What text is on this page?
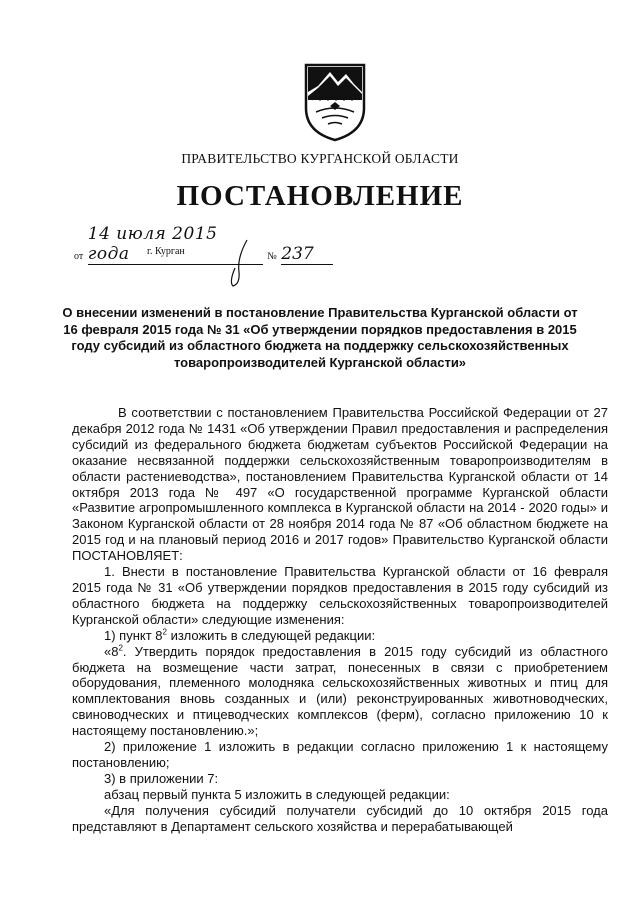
ПРАВИТЕЛЬСТВО КУРГАНСКОЙ ОБЛАСТИ
ПОСТАНОВЛЕНИЕ
от 14 июля 2015 года	№ 237
г. Курган
О внесении изменений в постановление Правительства Курганской области от 16 февраля 2015 года № 31 «Об утверждении порядков предоставления в 2015 году субсидий из областного бюджета на поддержку сельскохозяйственных товаропроизводителей Курганской области»

В соответствии с постановлением Правительства Российской Федерации от 27 декабря 2012 года № 1431 «Об утверждении Правил предоставления и распределения субсидий из федерального бюджета бюджетам субъектов Российской Федерации на оказание несвязанной поддержки сельскохозяйственным товаропроизводителям в области растениеводства», постановлением Правительства Курганской области от 14 октября 2013 года № 497 «О государственной программе Курганской области «Развитие агропромышленного комплекса в Курганской области на 2014 - 2020 годы» и Законом Курганской области от 28 ноября 2014 года № 87 «Об областном бюджете на 2015 год и на плановый период 2016 и 2017 годов» Правительство Курганской области ПОСТАНОВЛЯЕТ:

1. Внести в постановление Правительства Курганской области от 16 февраля 2015 года № 31 «Об утверждении порядков предоставления в 2015 году субсидий из областного бюджета на поддержку сельскохозяйственных товаропроизводителей Курганской области» следующие изменения:

1) пункт $8^2$ изложить в следующей редакции:

«$8^2$. Утвердить порядок предоставления в 2015 году субсидий из областного бюджета на возмещение части затрат, понесенных в связи с приобретением оборудования, племенного молодняка сельскохозяйственных животных и птиц для комплектования вновь созданных и (или) реконструированных животноводческих, свиноводческих и птицеводческих комплексов (ферм), согласно приложению 10 к настоящему постановлению.»;

2) приложение 1 изложить в редакции согласно приложению 1 к настоящему постановлению;

3) в приложении 7:

абзац первый пункта 5 изложить в следующей редакции:

«Для получения субсидий получатели субсидий до 10 октября 2015 года представляют в Департамент сельского хозяйства и перерабатывающей
